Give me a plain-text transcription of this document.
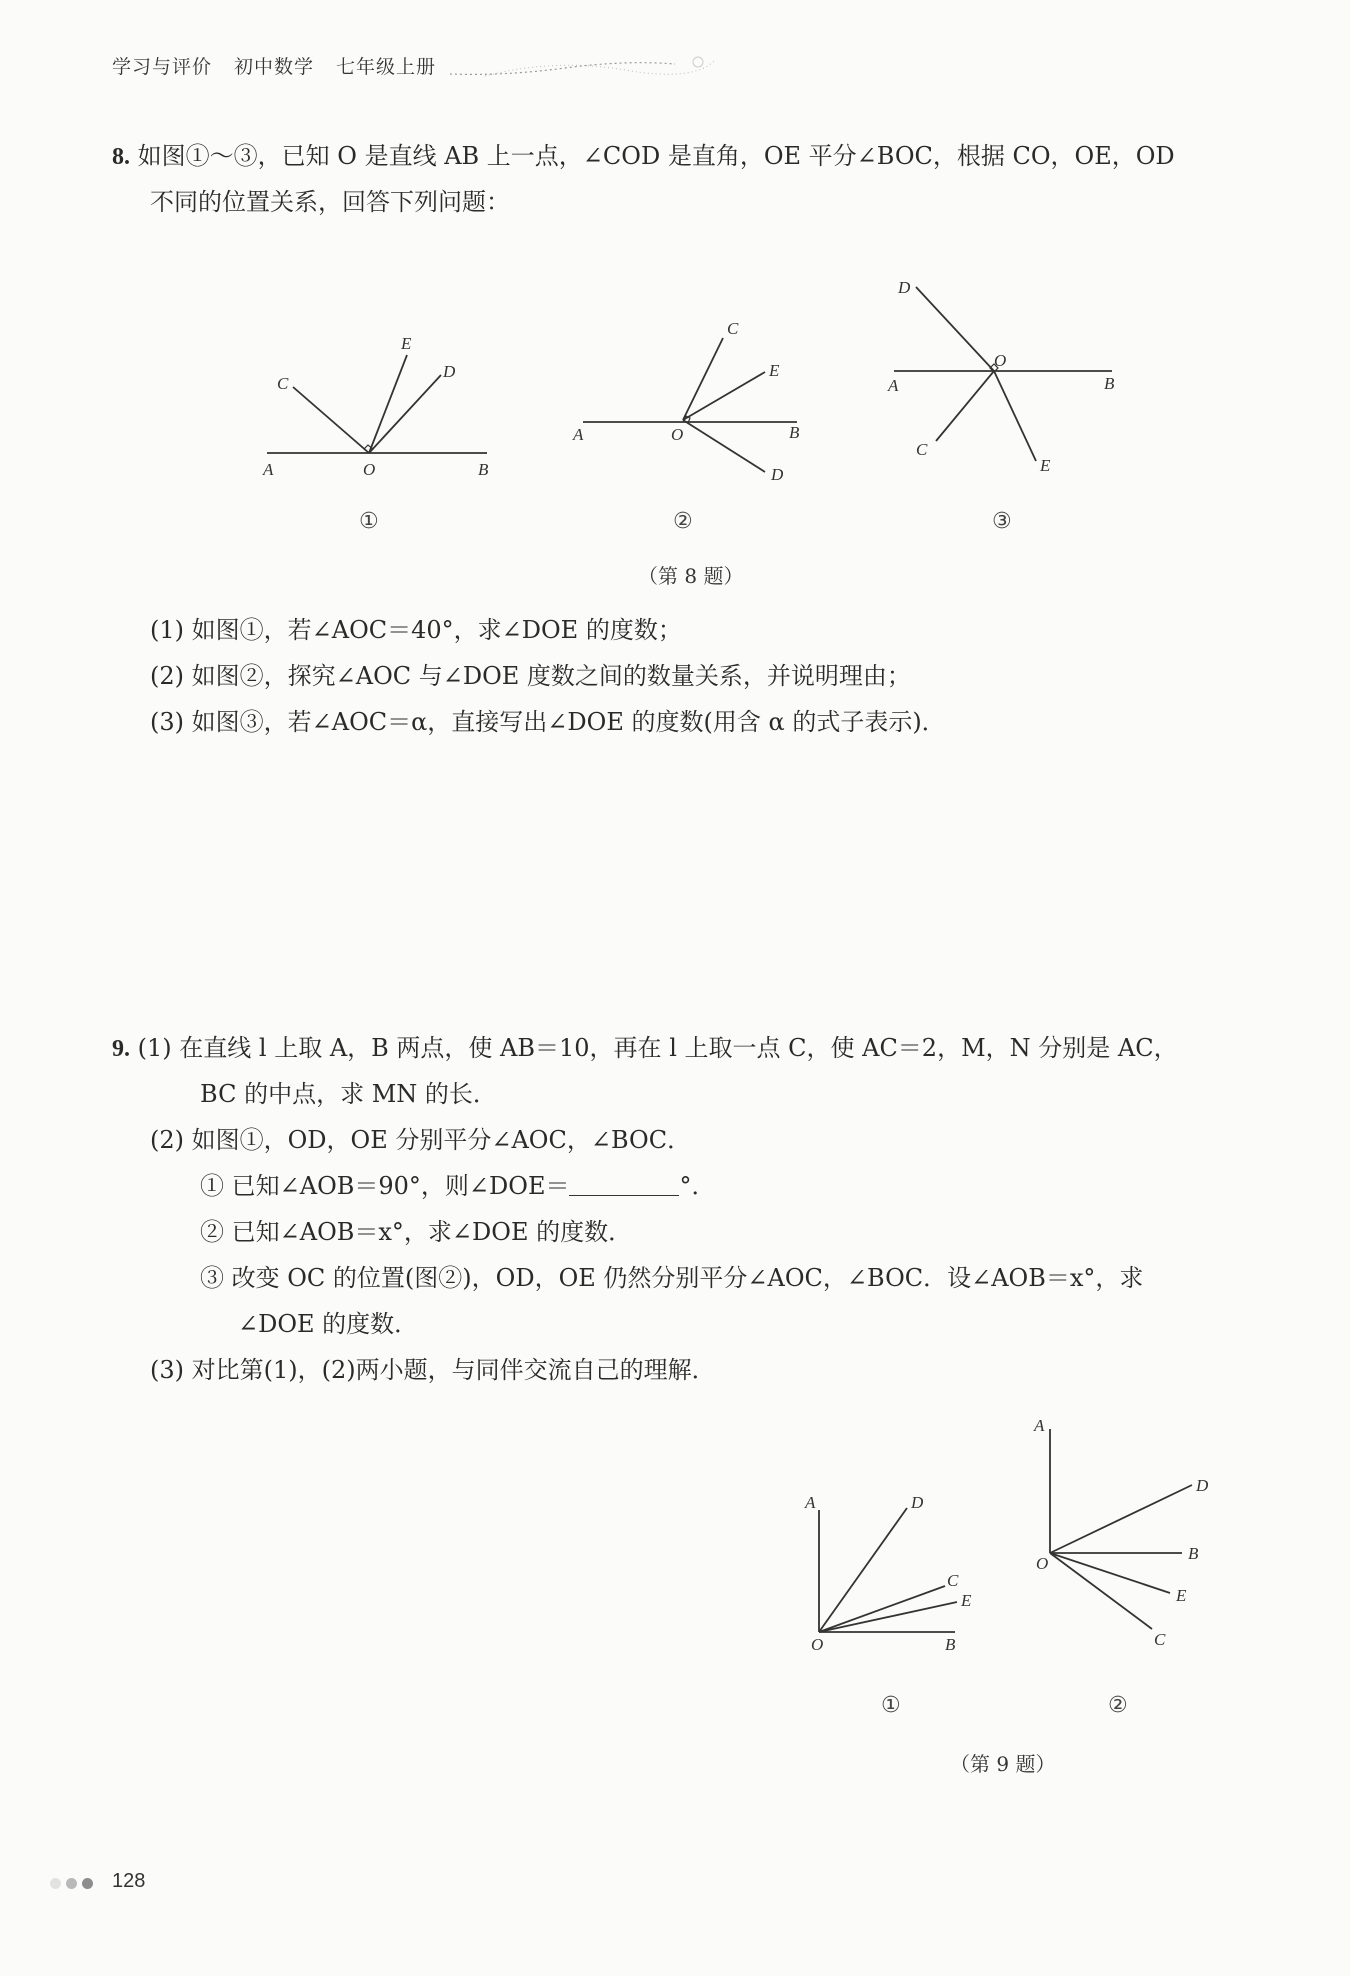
学习与评价 初中数学 七年级上册
8. 如图①～③，已知 O 是直线 AB 上一点，∠COD 是直角，OE 平分∠BOC，根据 CO，OE，OD
不同的位置关系，回答下列问题：
A	O	B
C
E
D
①
A	O	B
C
E
D
②
D
O
A	B
C
E
③
（第 8 题）
(1) 如图①，若∠AOC＝40°，求∠DOE 的度数；
(2) 如图②，探究∠AOC 与∠DOE 度数之间的数量关系，并说明理由；
(3) 如图③，若∠AOC＝α，直接写出∠DOE 的度数(用含 α 的式子表示)．
9. (1) 在直线 l 上取 A，B 两点，使 AB＝10，再在 l 上取一点 C，使 AC＝2，M，N 分别是 AC，
BC 的中点，求 MN 的长．
(2) 如图①，OD，OE 分别平分∠AOC，∠BOC．
① 已知∠AOB＝90°，则∠DOE＝	°．
② 已知∠AOB＝x°，求∠DOE 的度数．
③ 改变 OC 的位置(图②)，OD，OE 仍然分别平分∠AOC，∠BOC．设∠AOB＝x°，求
∠DOE 的度数．
(3) 对比第(1)，(2)两小题，与同伴交流自己的理解．
A	D
C
E
O	B
①
A
D
B
E
C
O
②
（第 9 题）
128
